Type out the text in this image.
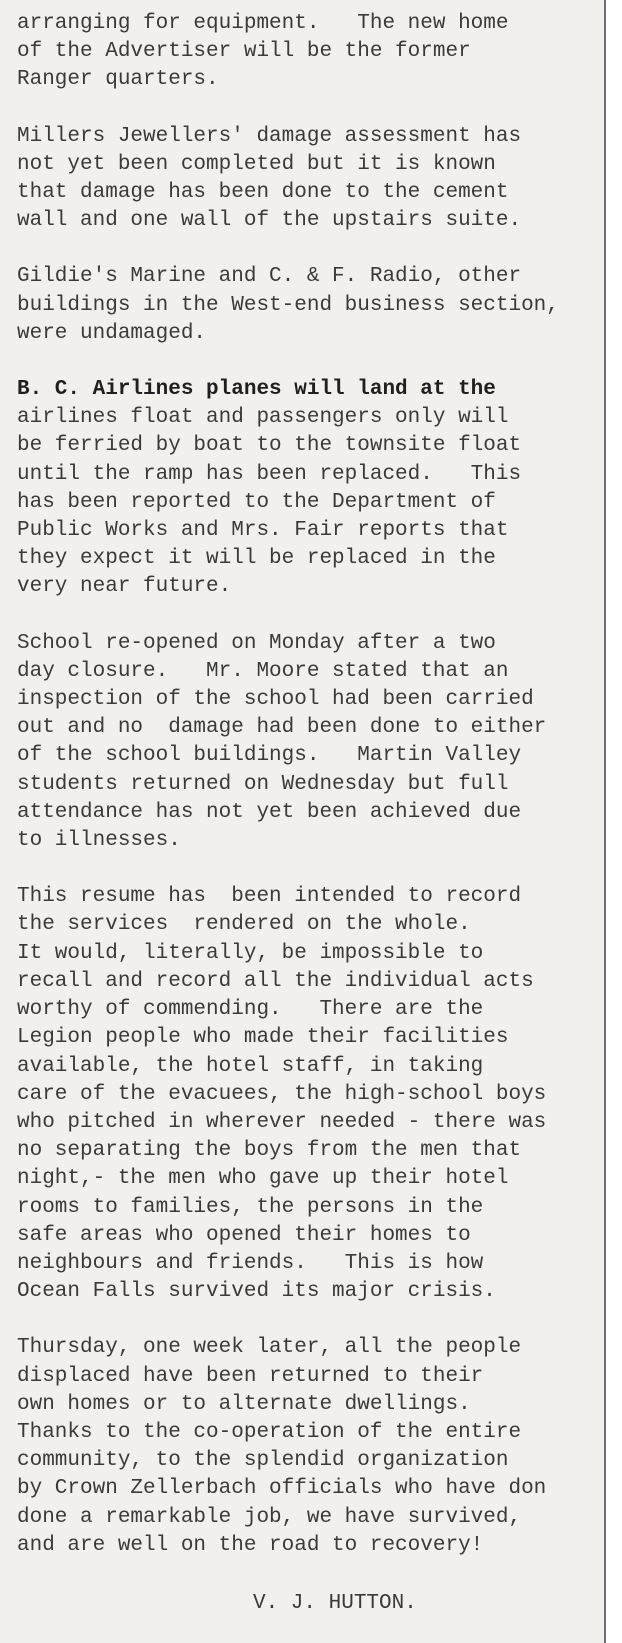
arranging for equipment.   The new home
of the Advertiser will be the former
Ranger quarters.
Millers Jewellers' damage assessment has
not yet been completed but it is known
that damage has been done to the cement
wall and one wall of the upstairs suite.
Gildie's Marine and C. & F. Radio, other
buildings in the West-end business section,
were undamaged.
B. C. Airlines planes will land at the
airlines float and passengers only will
be ferried by boat to the townsite float
until the ramp has been replaced.   This
has been reported to the Department of
Public Works and Mrs. Fair reports that
they expect it will be replaced in the
very near future.
School re-opened on Monday after a two
day closure.   Mr. Moore stated that an
inspection of the school had been carried
out and no  damage had been done to either
of the school buildings.   Martin Valley
students returned on Wednesday but full
attendance has not yet been achieved due
to illnesses.
This resume has  been intended to record
the services  rendered on the whole.
It would, literally, be impossible to
recall and record all the individual acts
worthy of commending.   There are the
Legion people who made their facilities
available, the hotel staff, in taking
care of the evacuees, the high-school boys
who pitched in wherever needed - there was
no separating the boys from the men that
night,- the men who gave up their hotel
rooms to families, the persons in the
safe areas who opened their homes to
neighbours and friends.   This is how
Ocean Falls survived its major crisis.
Thursday, one week later, all the people
displaced have been returned to their
own homes or to alternate dwellings.
Thanks to the co-operation of the entire
community, to the splendid organization
by Crown Zellerbach officials who have don
done a remarkable job, we have survived,
and are well on the road to recovery!
V. J. HUTTON.
